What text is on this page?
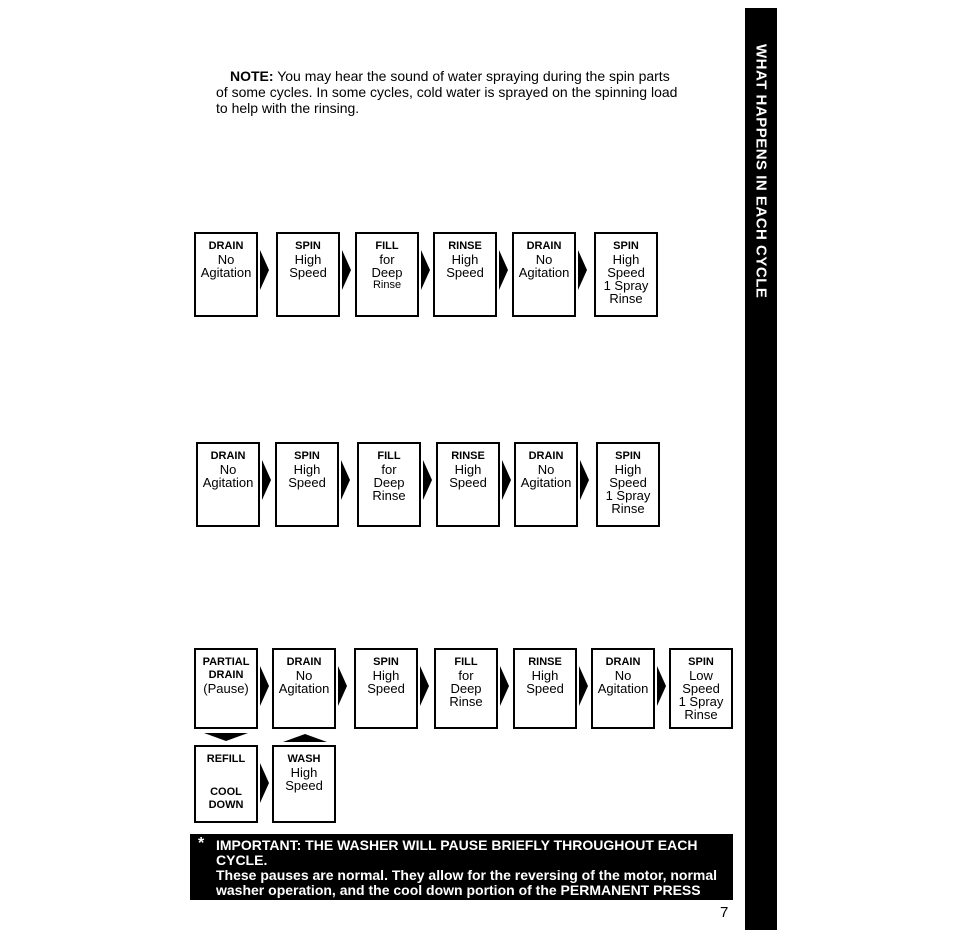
NOTE: You may hear the sound of water spraying during the spin parts
of some cycles. In some cycles, cold water is sprayed on the spinning load
to help with the rinsing.	WHAT HAPPENS IN EACH CYCLE
DRAIN
No
Agitation
SPIN
High
Speed
FILL
for
Deep
Rinse
RINSE
High
Speed
DRAIN
No
Agitation
SPIN
High
Speed
1 Spray
Rinse
DRAIN
No
Agitation
SPIN
High
Speed
FILL
for
Deep
Rinse
RINSE
High
Speed
DRAIN
No
Agitation
SPIN
High
Speed
1 Spray
Rinse
PARTIAL
DRAIN
(Pause)
DRAIN
No
Agitation
SPIN
High
Speed
FILL
for
Deep
Rinse
RINSE
High
Speed
DRAIN
No
Agitation
SPIN
Low
Speed
1 Spray
Rinse
REFILL
COOL
DOWN
WASH
High
Speed
* IMPORTANT: THE WASHER WILL PAUSE BRIEFLY THROUGHOUT EACH CYCLE.
These pauses are normal. They allow for the reversing of the motor, normal
washer operation, and the cool down portion of the PERMANENT PRESS
Cycle.	7
